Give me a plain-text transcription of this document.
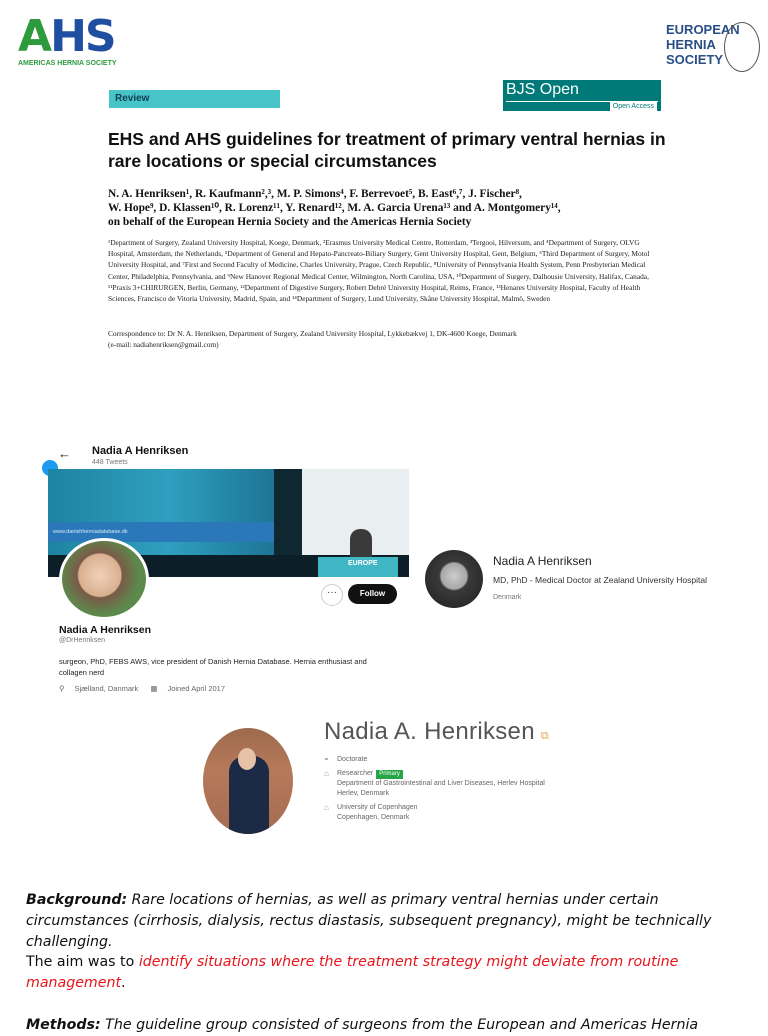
AHS
AMERICAS HERNIA SOCIETY
EUROPEAN
HERNIA
SOCIETY
Review
BJS Open
Open Access
EHS and AHS guidelines for treatment of primary ventral hernias in rare locations or special circumstances
N. A. Henriksen¹, R. Kaufmann²,³, M. P. Simons⁴, F. Berrevoet⁵, B. East⁶,⁷, J. Fischer⁸,
W. Hope⁹, D. Klassen¹⁰, R. Lorenz¹¹, Y. Renard¹², M. A. Garcia Urena¹³ and A. Montgomery¹⁴,
on behalf of the European Hernia Society and the Americas Hernia Society
¹Department of Surgery, Zealand University Hospital, Koege, Denmark, ²Erasmus University Medical Centre, Rotterdam, ³Tergooi, Hilversum, and ⁴Department of Surgery, OLVG Hospital, Amsterdam, the Netherlands, ⁵Department of General and Hepato-Pancreato-Biliary Surgery, Gent University Hospital, Gent, Belgium, ⁶Third Department of Surgery, Motol University Hospital, and ⁷First and Second Faculty of Medicine, Charles University, Prague, Czech Republic, ⁸University of Pennsylvania Health System, Penn Presbyterian Medical Center, Philadelphia, Pennsylvania, and ⁹New Hanover Regional Medical Center, Wilmington, North Carolina, USA, ¹⁰Department of Surgery, Dalhousie University, Halifax, Canada, ¹¹Praxis 3+CHIRURGEN, Berlin, Germany, ¹²Department of Digestive Surgery, Robert Debré University Hospital, Reims, France, ¹³Henares University Hospital, Faculty of Health Sciences, Francisco de Vitoria University, Madrid, Spain, and ¹⁴Department of Surgery, Lund University, Skåne University Hospital, Malmö, Sweden
Correspondence to: Dr N. A. Henriksen, Department of Surgery, Zealand University Hospital, Lykkebækvej 1, DK-4600 Koege, Denmark
(e-mail: nadiahenriksen@gmail.com)
← Nadia A Henriksen
448 Tweets
www.danishherniadatabase.dk
EUROPE
···	Follow
Nadia A Henriksen
@DrHenriksen
surgeon, PhD, FEBS AWS, vice president of Danish Hernia Database. Hernia enthusiast and collagen nerd
⚲ Sjælland, Danmark ▦ Joined April 2017
Nadia A Henriksen
MD, PhD - Medical Doctor at Zealand University Hospital
Denmark
Nadia A. Henriksen ⧉
◓ Doctorate
⌂ Researcher Primary
Department of Gastrointestinal and Liver Diseases, Herlev Hospital
Herlev, Denmark
⌂ University of Copenhagen
Copenhagen, Denmark
Background: Rare locations of hernias, as well as primary ventral hernias under certain circumstances (cirrhosis, dialysis, rectus diastasis, subsequent pregnancy), might be technically challenging.
The aim was to identify situations where the treatment strategy might deviate from routine management.
Methods: The guideline group consisted of surgeons from the European and Americas Hernia
